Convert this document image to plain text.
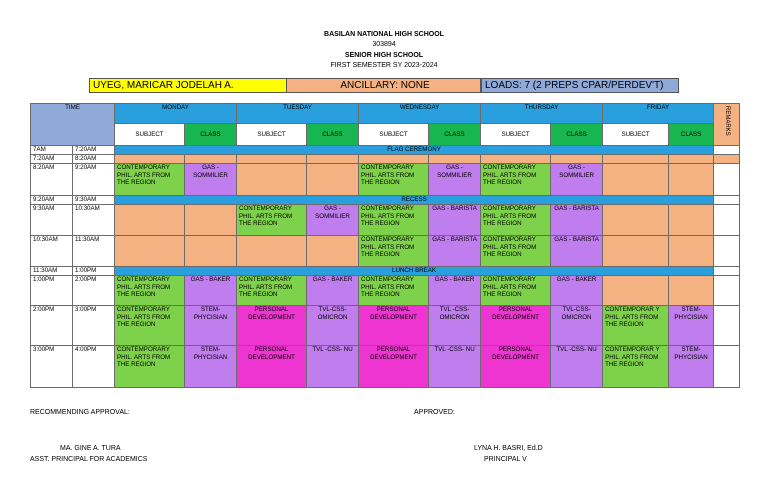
BASILAN NATIONAL HIGH SCHOOL
303894
SENIOR HIGH SCHOOL
FIRST SEMESTER SY 2023-2024
UYEG, MARICAR JODELAH A.	ANCILLARY: NONE	LOADS: 7 (2 PREPS CPAR/PERDEV'T)
TIME		MONDAY		TUESDAY		WEDNESDAY		THURSDAY		FRIDAY		REMARKS
		SUBJECT	CLASS	SUBJECT	CLASS	SUBJECT	CLASS	SUBJECT	CLASS	SUBJECT	CLASS	
7AM	7:20AM	FLAG CEREMONY										
7:20AM	8:20AM											
8:20AM	9:20AM	CONTEMPORARY PHIL. ARTS FROM THE REGION	GAS - SOMMILIER			CONTEMPORARY PHIL. ARTS FROM THE REGION	GAS - SOMMILIER	CONTEMPORARY PHIL. ARTS FROM THE REGION	GAS - SOMMILIER			
9:20AM	9:30AM	RECESS										
9:30AM	10:30AM			CONTEMPORARY PHIL. ARTS FROM THE REGION	GAS - SOMMILIER	CONTEMPORARY PHIL. ARTS FROM THE REGION	GAS - BARISTA	CONTEMPORARY PHIL. ARTS FROM THE REGION	GAS - BARISTA			
10:30AM	11:30AM					CONTEMPORARY PHIL. ARTS FROM THE REGION	GAS - BARISTA	CONTEMPORARY PHIL. ARTS FROM THE REGION	GAS - BARISTA			
11:30AM	1:00PM	LUNCH BREAK										
1:00PM	2:00PM	CONTEMPORARY PHIL. ARTS FROM THE REGION	GAS - BAKER	CONTEMPORARY PHIL. ARTS FROM THE REGION	GAS - BAKER	CONTEMPORARY PHIL. ARTS FROM THE REGION	GAS - BAKER	CONTEMPORARY PHIL. ARTS FROM THE REGION	GAS - BAKER			
2:00PM	3:00PM	CONTEMPORARY PHIL. ARTS FROM THE REGION	STEM- PHYCISIAN	PERSONAL DEVELOPMENT	TVL-CSS- OMICRON	PERSONAL DEVELOPMENT	TVL -CSS- OMICRON	PERSONAL DEVELOPMENT	TVL-CSS- OMICRON	CONTEMPORAR Y PHIL. ARTS FROM THE REGION	STEM- PHYCISIAN	
3:00PM	4:00PM	CONTEMPORARY PHIL. ARTS FROM THE REGION	STEM- PHYCISIAN	PERSONAL DEVELOPMENT	TVL -CSS- NU	PERSONAL DEVELOPMENT	TVL -CSS- NU	PERSONAL DEVELOPMENT	TVL -CSS- NU	CONTEMPORAR Y PHIL. ARTS FROM THE REGION	STEM- PHYCISIAN	
RECOMMENDING APPROVAL:	APPROVED:
MA. GINE A. TURA
ASST. PRINCIPAL FOR ACADEMICS
LYNA H. BASRI, Ed.D
PRINCIPAL V
